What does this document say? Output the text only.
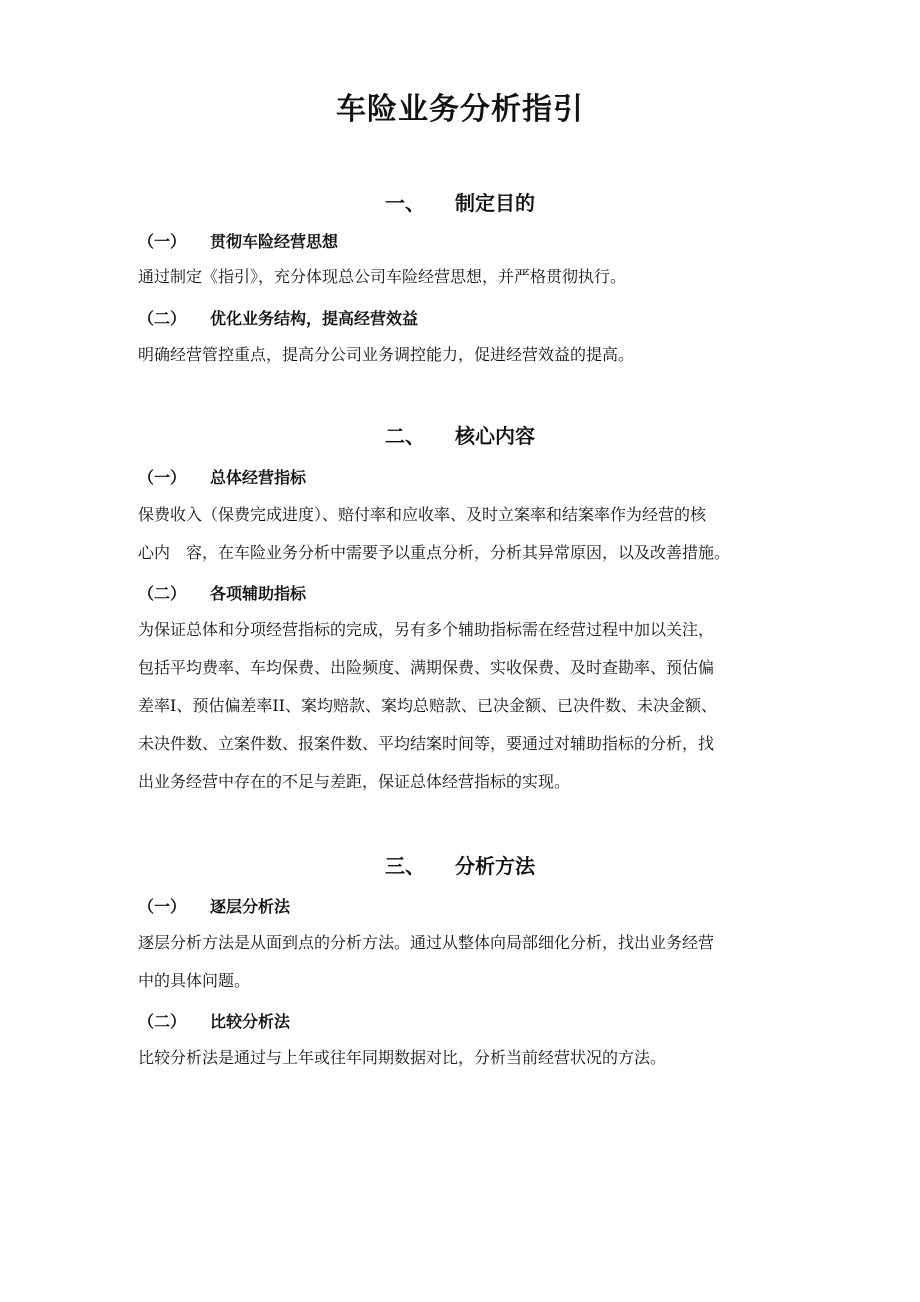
车险业务分析指引
一、 制定目的
（一） 贯彻车险经营思想
通过制定《指引》，充分体现总公司车险经营思想，并严格贯彻执行。
（二） 优化业务结构，提高经营效益
明确经营管控重点，提高分公司业务调控能力，促进经营效益的提高。
二、 核心内容
（一） 总体经营指标
保费收入（保费完成进度）、赔付率和应收率、及时立案率和结案率作为经营的核
心内　容，在车险业务分析中需要予以重点分析，分析其异常原因，以及改善措施。
（二） 各项辅助指标
为保证总体和分项经营指标的完成，另有多个辅助指标需在经营过程中加以关注，
包括平均费率、车均保费、出险频度、满期保费、实收保费、及时查勘率、预估偏
差率I、预估偏差率II、案均赔款、案均总赔款、已决金额、已决件数、未决金额、
未决件数、立案件数、报案件数、平均结案时间等，要通过对辅助指标的分析，找
出业务经营中存在的不足与差距，保证总体经营指标的实现。
三、 分析方法
（一） 逐层分析法
逐层分析方法是从面到点的分析方法。通过从整体向局部细化分析，找出业务经营
中的具体问题。
（二） 比较分析法
比较分析法是通过与上年或往年同期数据对比，分析当前经营状况的方法。
